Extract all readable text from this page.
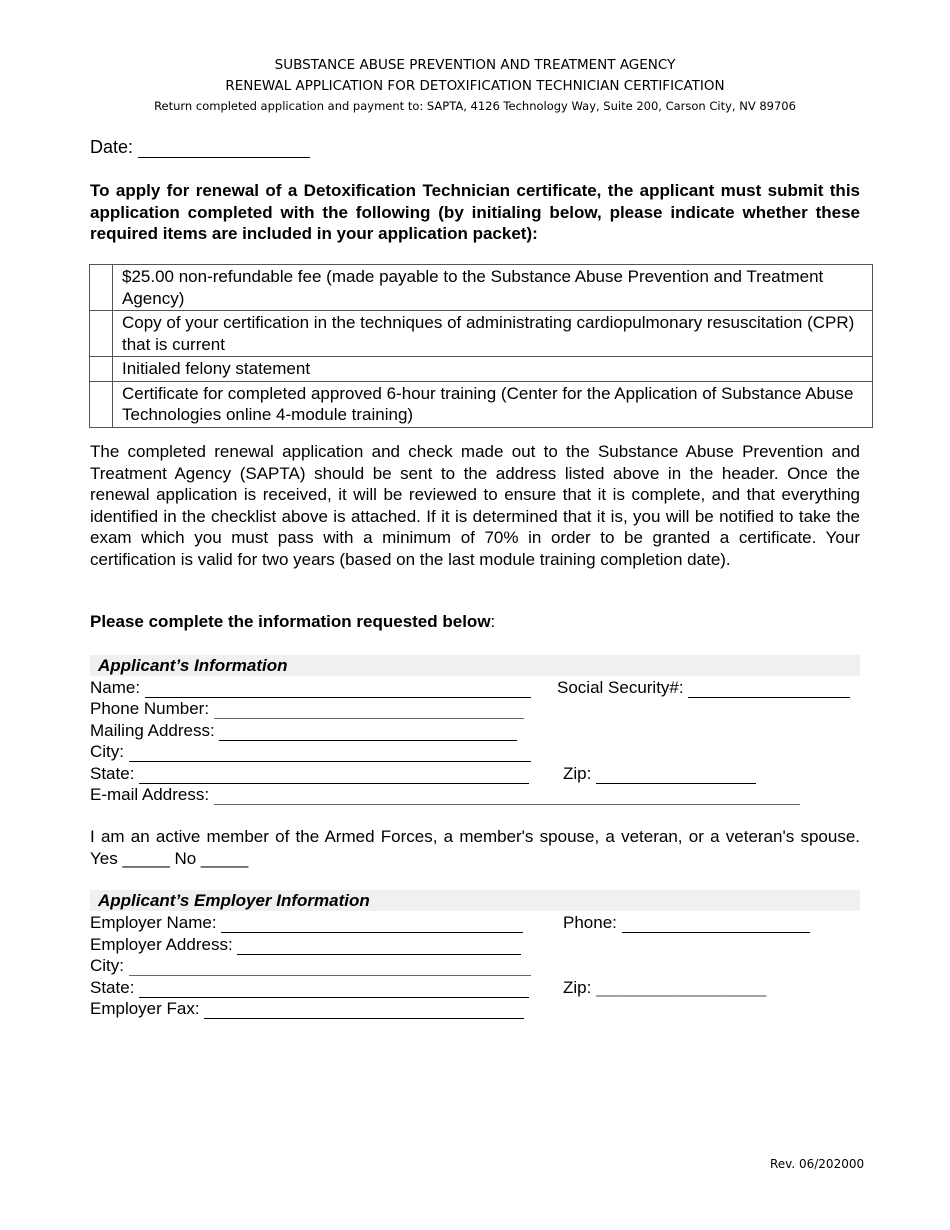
SUBSTANCE ABUSE PREVENTION AND TREATMENT AGENCY
RENEWAL APPLICATION FOR DETOXIFICATION TECHNICIAN CERTIFICATION
Return completed application and payment to: SAPTA, 4126 Technology Way, Suite 200, Carson City, NV 89706
Date:
To apply for renewal of a Detoxification Technician certificate, the applicant must submit this application completed with the following (by initialing below, please indicate whether these required items are included in your application packet):
	$25.00 non-refundable fee (made payable to the Substance Abuse Prevention and Treatment Agency)
	Copy of your certification in the techniques of administrating cardiopulmonary resuscitation (CPR) that is current
	Initialed felony statement
	Certificate for completed approved 6-hour training (Center for the Application of Substance Abuse Technologies online 4-module training)
The completed renewal application and check made out to the Substance Abuse Prevention and Treatment Agency (SAPTA) should be sent to the address listed above in the header. Once the renewal application is received, it will be reviewed to ensure that it is complete, and that everything identified in the checklist above is attached. If it is determined that it is, you will be notified to take the exam which you must pass with a minimum of 70% in order to be granted a certificate. Your certification is valid for two years (based on the last module training completion date).
Please complete the information requested below:
Applicant’s Information
Name:	Social Security#:
Phone Number:
Mailing Address:
City:
State:	Zip:
E-mail Address:
I am an active member of the Armed Forces, a member's spouse, a veteran, or a veteran's spouse. Yes _____ No _____
Applicant’s Employer Information
Employer Name:	Phone:
Employer Address:
City:
State:	Zip: __________________
Employer Fax:
Rev. 06/202000
